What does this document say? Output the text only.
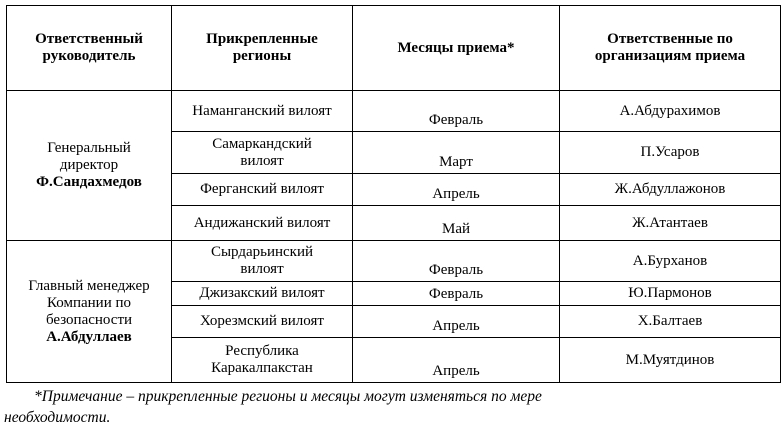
Ответственный руководитель	Прикрепленные регионы	Месяцы приема*	Ответственные по организациям приема

Генеральный директор
Ф.Сандахмедов	Наманганский вилоят	Февраль	А.Абдурахимов
	Самаркандский вилоят	Март	П.Усаров
	Ферганский вилоят	Апрель	Ж.Абдуллажонов
	Андижанский вилоят	Май	Ж.Атантаев

Главный менеджер Компании по безопасности
А.Абдуллаев	Сырдарьинский вилоят	Февраль	А.Бурханов
	Джизакский вилоят	Февраль	Ю.Пармонов
	Хорезмский вилоят	Апрель	Х.Балтаев
	Республика Каракалпакстан	Апрель	М.Муятдинов
*Примечание – прикрепленные регионы и месяцы могут изменяться по мере
необходимости.
